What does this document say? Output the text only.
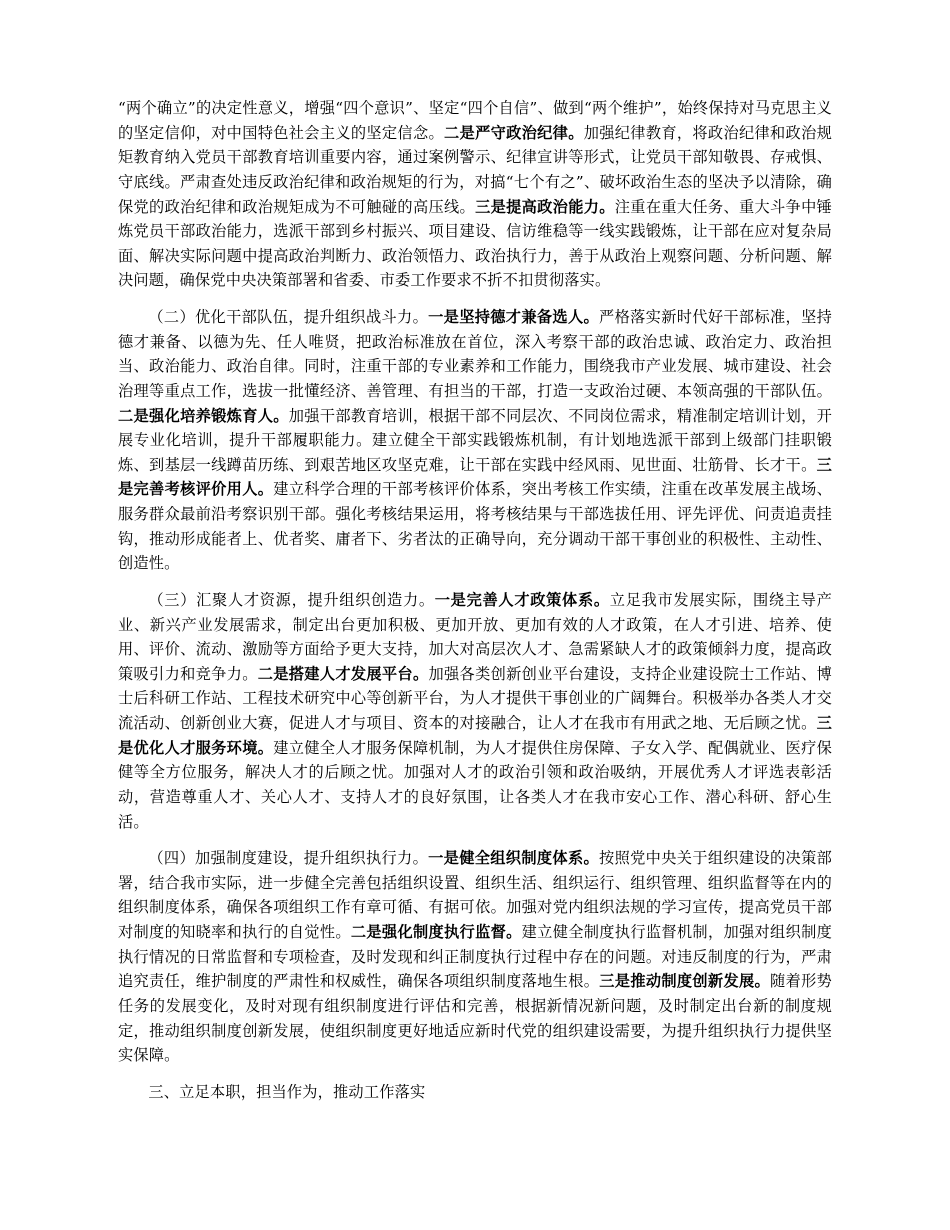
“两个确立”的决定性意义，增强“四个意识”、坚定“四个自信”、做到“两个维护”，始终保持对马克思主义的坚定信仰，对中国特色社会主义的坚定信念。二是严守政治纪律。加强纪律教育，将政治纪律和政治规矩教育纳入党员干部教育培训重要内容，通过案例警示、纪律宣讲等形式，让党员干部知敬畏、存戒惧、守底线。严肃查处违反政治纪律和政治规矩的行为，对搞“七个有之”、破坏政治生态的坚决予以清除，确保党的政治纪律和政治规矩成为不可触碰的高压线。三是提高政治能力。注重在重大任务、重大斗争中锤炼党员干部政治能力，选派干部到乡村振兴、项目建设、信访维稳等一线实践锻炼，让干部在应对复杂局面、解决实际问题中提高政治判断力、政治领悟力、政治执行力，善于从政治上观察问题、分析问题、解决问题，确保党中央决策部署和省委、市委工作要求不折不扣贯彻落实。

（二）优化干部队伍，提升组织战斗力。一是坚持德才兼备选人。严格落实新时代好干部标准，坚持德才兼备、以德为先、任人唯贤，把政治标准放在首位，深入考察干部的政治忠诚、政治定力、政治担当、政治能力、政治自律。同时，注重干部的专业素养和工作能力，围绕我市产业发展、城市建设、社会治理等重点工作，选拔一批懂经济、善管理、有担当的干部，打造一支政治过硬、本领高强的干部队伍。二是强化培养锻炼育人。加强干部教育培训，根据干部不同层次、不同岗位需求，精准制定培训计划，开展专业化培训，提升干部履职能力。建立健全干部实践锻炼机制，有计划地选派干部到上级部门挂职锻炼、到基层一线蹲苗历练、到艰苦地区攻坚克难，让干部在实践中经风雨、见世面、壮筋骨、长才干。三是完善考核评价用人。建立科学合理的干部考核评价体系，突出考核工作实绩，注重在改革发展主战场、服务群众最前沿考察识别干部。强化考核结果运用，将考核结果与干部选拔任用、评先评优、问责追责挂钩，推动形成能者上、优者奖、庸者下、劣者汰的正确导向，充分调动干部干事创业的积极性、主动性、创造性。

（三）汇聚人才资源，提升组织创造力。一是完善人才政策体系。立足我市发展实际，围绕主导产业、新兴产业发展需求，制定出台更加积极、更加开放、更加有效的人才政策，在人才引进、培养、使用、评价、流动、激励等方面给予更大支持，加大对高层次人才、急需紧缺人才的政策倾斜力度，提高政策吸引力和竞争力。二是搭建人才发展平台。加强各类创新创业平台建设，支持企业建设院士工作站、博士后科研工作站、工程技术研究中心等创新平台，为人才提供干事创业的广阔舞台。积极举办各类人才交流活动、创新创业大赛，促进人才与项目、资本的对接融合，让人才在我市有用武之地、无后顾之忧。三是优化人才服务环境。建立健全人才服务保障机制，为人才提供住房保障、子女入学、配偶就业、医疗保健等全方位服务，解决人才的后顾之忧。加强对人才的政治引领和政治吸纳，开展优秀人才评选表彰活动，营造尊重人才、关心人才、支持人才的良好氛围，让各类人才在我市安心工作、潜心科研、舒心生活。

（四）加强制度建设，提升组织执行力。一是健全组织制度体系。按照党中央关于组织建设的决策部署，结合我市实际，进一步健全完善包括组织设置、组织生活、组织运行、组织管理、组织监督等在内的组织制度体系，确保各项组织工作有章可循、有据可依。加强对党内组织法规的学习宣传，提高党员干部对制度的知晓率和执行的自觉性。二是强化制度执行监督。建立健全制度执行监督机制，加强对组织制度执行情况的日常监督和专项检查，及时发现和纠正制度执行过程中存在的问题。对违反制度的行为，严肃追究责任，维护制度的严肃性和权威性，确保各项组织制度落地生根。三是推动制度创新发展。随着形势任务的发展变化，及时对现有组织制度进行评估和完善，根据新情况新问题，及时制定出台新的制度规定，推动组织制度创新发展，使组织制度更好地适应新时代党的组织建设需要，为提升组织执行力提供坚实保障。

三、立足本职，担当作为，推动工作落实
